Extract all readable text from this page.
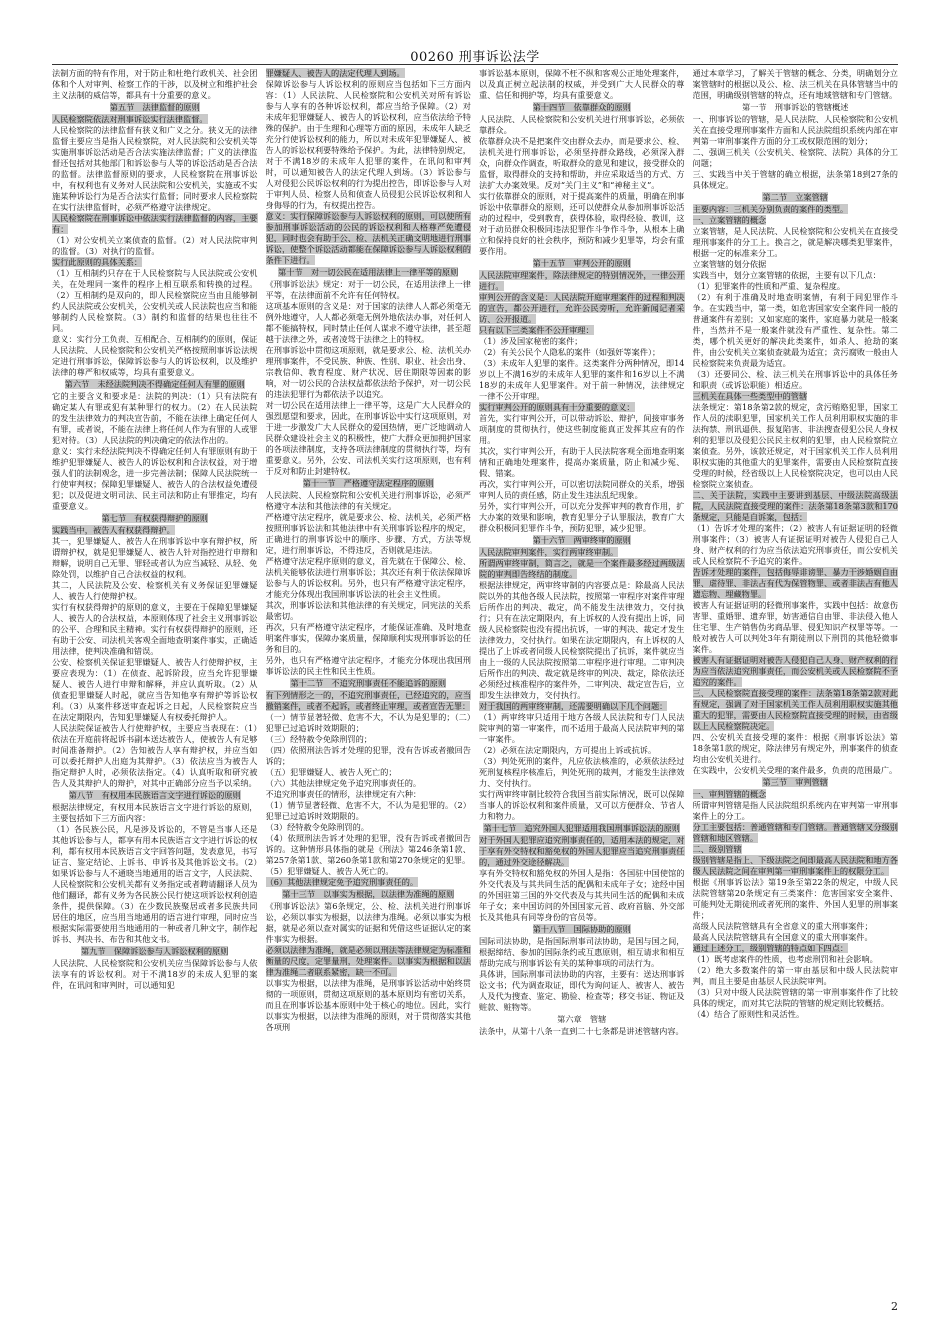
00260 刑事诉讼法学

法制方面的特有作用，对于防止和杜绝行政机关、社会团体和个人对审判、检察工作的干涉，以及树立和维护社会主义法制的威信等，都具有十分重要的意义。

第五节　法律监督的原则

人民检察院依法对刑事诉讼实行法律监督。

人民检察院的法律监督有狭义和广义之分。狭义无的法律监督主要应当是指人民检察院，对人民法院和公安机关等实施刑事诉讼活动是否合法实施法律监督；广义的法律监督还包括对其他部门和诉讼参与人等的诉讼活动是否合法的监督。法律监督原则的要求，人民检察院在刑事诉讼中，有权利也有义务对人民法院和公安机关，实施或不实施某种诉讼行为是否合法实行监督；同时要求人民检察院在实行法律监督时，必须严格遵守法律规定。

人民检察院在刑事诉讼中依法实行法律监督的内容，主要有：

（1）对公安机关立案侦查的监督。（2）对人民法院审判的监督。（3）对执行的监督。

实行此原则的具体关系：

（1）互相制约只存在于人民检察院与人民法院或公安机关，在处理同一案件的程序上相互联系和转换的过程。（2）互相制约是双向的，即人民检察院应当由且能够制约人民法院或公安机关，公安机关或人民法院也应当和能够制约人民检察院。（3）制约和监督的结果也往往不同。

意义：实行分工负责、互相配合、互相制约的原则，保证人民法院、人民检察院和公安机关严格按照刑事诉讼法规定进行刑事诉讼，保障诉讼参与人的诉讼权利，以及维护法律的尊严和权威等，均具有重要意义。

第六节　未经法院判决不得确定任何人有罪的原则

它的主要含义和要求是：法院的判决：（1）只有法院有确定某人有罪或犯有某种罪行的权力。（2）在人民法院的发生法律效力的判决宣告前，不能在法律上确定任何人有罪，或者说，不能在法律上将任何人作为有罪的人或罪犯对待。（3）人民法院的判决确定的依法作出的。

意义：实行未经法院判决不得确定任何人有罪原则有助于维护犯罪嫌疑人、被告人的诉讼权利和合法权益，对于增强人们的法制观念，进一步完善法制；保障人民法院统一行使审判权；保障犯罪嫌疑人、被告人的合法权益免遭侵犯；以及促进文明司法、民主司法和防止有罪推定，均有重要意义。

第七节　有权获得辩护的原则

实践当中，被告人有权获得辩护。

其一，犯罪嫌疑人、被告人在刑事诉讼中享有辩护权，所谓辩护权，就是犯罪嫌疑人、被告人针对指控进行申辩和辩解，说明自己无罪、罪轻或者认为应当减轻、从轻、免除处罚，以维护自己合法权益的权利。

其二，人民法院及公安、检察机关有义务保证犯罪嫌疑人、被告人行使辩护权。

实行有权获得辩护的原则的意义，主要在于保障犯罪嫌疑人、被告人的合法权益，本原则体现了社会主义刑事诉讼的公平、合理和民主精神。实行有权获得辩护的原则，还有助于公安、司法机关客观全面地查明案件事实，正确适用法律，使判决准确和错误。

公安、检察机关保证犯罪嫌疑人、被告人行使辩护权，主要应表现为：（1）在侦查、起诉阶段，应当允许犯罪嫌疑人、被告人进行申辩和解释，并应认真听取。（2）从侦查犯罪嫌疑人时起，就应当告知他享有辩护等诉讼权利。（3）从案件移送审查起诉之日起，人民检察院应当在法定期限内，告知犯罪嫌疑人有权委托辩护人。

人民法院保证被告人行使辩护权，主要应当表现在：（1）依法在开庭前将起诉书副本送达被告人，使被告人有足够时间准备辩护。（2）告知被告人享有辩护权，并应当如可以委托辩护人出庭为其辩护。（3）依法应当为被告人指定辩护人时，必须依法指定。（4）认真听取和研究被告人及其辩护人的辩护，对其中正确部分应当予以采纳。

第八节　有权用本民族语言文字进行诉讼的原则

根据法律规定，有权用本民族语言文字进行诉讼的原则，主要包括如下三方面内容：

（1）各民族公民，凡是涉及诉讼的，不管是当事人还是其他诉讼参与人，都享有用本民族语言文字进行诉讼的权利，都有权用本民族语言文字回答问题，发表意见，书写证言、鉴定结论、上诉书、申诉书及其他诉讼文书。（2）如果诉讼参与人不通晓当地通用的语言文字，人民法院、人民检察院和公安机关都有义务指定或者聘请翻译人员为他们翻译，都有义务为各民族公民行使这项诉讼权利创造条件，提供保障。（3）在少数民族聚居或者多民族共同居住的地区，应当用当地通用的语言进行审理，同时应当根据实际需要使用当地通用的一种或者几种文字，制作起诉书、判决书、布告和其他文书。

第九节　保障诉讼参与人诉讼权利的原则

人民法院、人民检察院和公安机关应当保障诉讼参与人依法享有的诉讼权利。对于不满18岁的未成人犯罪的案件，在讯问和审判时，可以通知犯

罪嫌疑人、被告人的法定代理人到场。

保障诉讼参与人诉讼权利的原则应当包括如下三方面内容：（1）人民法院、人民检察院和公安机关对所有诉讼参与人享有的各种诉讼权利，都应当给予保障。（2）对未成年犯罪嫌疑人、被告人的诉讼权利，应当依法给予特殊的保护。由于生理和心理等方面的原因，未成年人缺乏充分行使诉讼权利的能力，所以对未成年犯罪嫌疑人、被告人的诉讼权利要特殊给予保护。为此，法律特别规定，对于不满18岁的未成年人犯罪的案件，在讯问和审判时，可以通知被告人的法定代理人到场。（3）诉讼参与人对侵犯公民诉讼权利的行为提出控告，即诉讼参与人对于审判人员、检察人员和侦查人员侵犯公民诉讼权利和人身侮辱的行为，有权提出控告。

意义：实行保障诉讼参与人诉讼权利的原则，可以使所有参加刑事诉讼活动的公民的诉讼权利和人格尊严免遭侵犯，同时也会有助于公、检、法机关正确文明地进行刑事诉讼，使整个诉讼活动都能在保障诉讼参与人诉讼权利的条件下进行。

第十节　对一切公民在适用法律上一律平等的原则

《刑事诉讼法》规定：对于一切公民，在适用法律上一律平等，在法律面前不允许有任何特权。

这项基本原则的含义是：对于国家的法律人人都必须毫无例外地遵守，人人都必须毫无例外地依法办事，对任何人都不能搞特权，同时禁止任何人谋求不遵守法律，甚至超越于法律之外，或者凌驾于法律之上的特权。

在刑事诉讼中贯彻这项原则，就是要求公、检、法机关办理刑事案件，不受民族、种族、性别、职业、社会出身、宗教信仰、教育程度、财产状况、居住期限等因素的影响，对一切公民的合法权益都依法给予保护，对一切公民的违法犯罪行为都依法予以追究。

对一切公民在适用法律上一律平等，这是广大人民群众的强烈愿望和要求，因此，在刑事诉讼中实行这项原则，对于进一步激发广大人民群众的爱国热情，更广泛地调动人民群众建设社会主义的积极性，使广大群众更加拥护国家的各项法律制度，支持各项法律制度的贯彻执行等，均有重要意义。另外，公安、司法机关实行这项原则，也有利于反对和防止封建特权。

第十一节　严格遵守法定程序的原则

人民法院、人民检察院和公安机关进行刑事诉讼，必须严格遵守本法和其他法律的有关规定。

严格遵守法定程序，就是要求公、检、法机关，必须严格按照刑事诉讼法和其他法律中有关刑事诉讼程序的规定，正确进行的刑事诉讼中的顺序、步骤、方式，方法等规定，进行刑事诉讼，不得违反，否则就是违法。

严格遵守法定程序原则的意义，首先就在于保障公、检、法机关能够依法进行刑事诉讼；其次还有利于依法保障诉讼参与人的诉讼权利。另外，也只有严格遵守法定程序，才能充分体现出我国刑事诉讼法的社会主义性质。

其次，刑事诉讼法和其他法律的有关规定，同宪法的关系最密切。

再次，只有严格遵守法定程序，才能保证准确、及时地查明案件事实，保障办案质量，保障顺利实现刑事诉讼的任务和目的。

另外，也只有严格遵守法定程序，才能充分体现出我国刑事诉讼法的民主性和民主性质。

第十二节　不追究刑事责任不能追诉的原则

有下列情形之一的，不追究刑事责任，已经追究的，应当撤销案件，或者不起诉，或者终止审理，或者宣告无罪：

（一）情节显著轻微、危害不大，不认为是犯罪的；（二）犯罪已过追诉时效期限的；

（三）经特赦令免除刑罚的；

（四）依照刑法告诉才处理的犯罪，没有告诉或者撤回告诉的；

（五）犯罪嫌疑人、被告人死亡的；

（六）其他法律规定免予追究刑事责任的。

不追究刑事责任的情形，法律规定有六种：

（1）情节显著轻微、危害不大，不认为是犯罪的。（2）犯罪已过追诉时效期限的。

（3）经特赦令免除刑罚的。

（4）依照刑法告诉才处理的犯罪，没有告诉或者撤回告诉的。这种情形具体指的就是《刑法》第246条第1款、第257条第1款、第260条第1款和第270条规定的犯罪。

（5）犯罪嫌疑人、被告人死亡的。

（6）其他法律规定免予追究刑事责任的。

第十三节　以事实为根据，以法律为准绳的原则

《刑事诉讼法》第6条规定，公、检、法机关进行刑事诉讼，必须以事实为根据，以法律为准绳。必须以事实为根据，就是必须以查对属实的证据和凭借这些证据认定的案件事实为根据。

必须以法律为准绳，就是必须以刑法等法律规定为标准和衡量的尺度，定罪量刑，处理案件。以事实为根据和以法律为准绳二者联系紧密，缺一不可。

以事实为根据，以法律为准绳，是刑事诉讼活动中始终贯彻的一项原则，贯彻这项原则的基本原则均有密切关系，而且在刑事诉讼基本原则中处于核心的地位。因此，实行以事实为根据，以法律为准绳的原则，对于贯彻落实其他各项刑

事诉讼基本原则，保障不枉不纵和客观公正地处理案件，以及真正树立起法制的权威，并受到广大人民群众的尊重、信任和拥护等，均具有重要意义。

第十四节　依靠群众的原则

人民法院、人民检察院和公安机关进行刑事诉讼，必须依靠群众。

依靠群众决不是把案件交由群众去办，而是要求公、检、法机关进行刑事诉讼，必须坚持群众路线，必须深入群众，向群众作调查，听取群众的意见和建议，接受群众的监督，取得群众的支持和帮助，并应采取适当的方式、方法扩大办案效果。反对“关门主义”和“神秘主义”。

实行依靠群众的原则，对于提高案件的质量，明确在刑事诉讼中依靠群众的原则，还可以使群众从参加刑事诉讼活动的过程中，受到教育，获得体验，取得经验、教训，这对于动员群众积极同违法犯罪作斗争作斗争，从根本上确立和保持良好的社会秩序，预防和减少犯罪等，均会有重要作用。

第十五节　审判公开的原则

人民法院审理案件，除法律规定的特别情况外，一律公开进行。

审判公开的含义是：人民法院开庭审理案件的过程和判决的宣告，都公开进行，允许公民旁听，允许新闻记者采访、公开报道。

只有以下三类案件不公开审理：

（1）涉及国家秘密的案件；

（2）有关公民个人隐私的案件（如强奸等案件）；

（3）未成年人犯罪的案件。这类案件分两种情况，即14岁以上不满16岁的未成年人犯罪的案件和16岁以上不满18岁的未成年人犯罪案件。对于前一种情况，法律规定一律不公开审理。

实行审判公开的原则具有十分重要的意义：

首先，实行审判公开，可以带动诉讼、辩护，间接审事务项制度的贯彻执行，使这些制度能真正发挥其应有的作用。

其次，实行审判公开，有助于人民法院客观全面地查明案情和正确地处理案件，提高办案质量，防止和减少冤、假、错案。

再次，实行审判公开，可以密切法院同群众的关系，增强审判人员的责任感，防止发生违法乱纪现象。

另外，实行审判公开，可以充分发挥审判的教育作用，扩大办案的效果和影响，教育犯罪分子认罪服法，教育广大群众积极同犯罪作斗争，预防犯罪，减少犯罪。

第十六节　两审终审的原则

人民法院审判案件，实行两审终审制。

所谓两审终审制，简言之，就是一个案件最多经过两级法院的审判即告终结的制度。

根据法律规定，两审终审制的内容要点是：除最高人民法院以外的其他各级人民法院，按照第一审程序对案件审理后所作出的判决、裁定，尚不能发生法律效力，交付执行；只有在法定期限内，有上诉权的人没有提出上诉，同级人民检察院也没有提出抗诉，一审的判决、裁定才发生法律效力，交付执行。如果在法定期限内，有上诉权的人提出了上诉或者同级人民检察院提出了抗诉，案件就应当由上一级的人民法院按照第二审程序进行审理。二审判决后所作出的判决、裁定就是终审的判决、裁定，除依法还必须经过核准程序的案件外，二审判决、裁定宣告后，立即发生法律效力，交付执行。

对于我国的两审终审制，还需要明确以下几个问题：

（1）两审终审只适用于地方各级人民法院和专门人民法院审判的第一审案件，而不适用于最高人民法院审判的第一审案件。

（2）必须在法定期限内，方可提出上诉或抗诉。

（3）判处死刑的案件，凡应依法核准的，必须依法经过死刑复核程序核准后，判处死刑的裁判，才能发生法律效力、交付执行。

实行两审终审制比较符合我国当前实际情况，既可以保障当事人的诉讼权利和案件质量，又可以方便群众、节省人力和物力。

第十七节　追究外国人犯罪适用我国刑事诉讼法的原则

对于外国人犯罪应追究刑事责任的，适用本法的规定，对于享有外交特权和豁免权的外国人犯罪应当追究刑事责任的，通过外交途径解决。

享有外交特权和豁免权的外国人是指：各国驻中国使馆的外交代表及与其共同生活的配偶和未成年子女；途经中国的外国驻第三国的外交代表及与其共同生活的配偶和未成年子女；来中国访问的外国国家元首、政府首脑、外交部长及其他具有同等身份的官员等。

第十八节　国际协助的原则

国际司法协助，是指国际刑事司法协助，是国与国之间，根据缔结、参加的国际条约或互惠原则，相互请求和相互帮助完成与刑事诉讼有关的某种事项的司法行为。

具体讲，国际刑事司法协助的内容，主要有：送达刑事诉讼文书；代为调查取证，即代为询问证人、被害人、被告人及代为搜查、鉴定、勘验、检查等；移交书证、物证及赃款、赃物等。

第六章　管辖

法条中，从第十八条一直到二十七条都是讲述管辖内容。

通过本章学习，了解关于管辖的概念、分类，明确划分立案管辖时的根据以及公、检、法三机关在具体管辖当中的范围，明确级别管辖的特点，还有地域管辖和专门管辖。

第一节　刑事诉讼的管辖概述

一、刑事诉讼的管辖，是人民法院、人民检察院和公安机关在直接受理刑事案件方面和人民法院组织系统内部在审判第一审刑事案件方面的分工或权限范围的划分；

二、强调三机关（公安机关、检察院、法院）具体的分工问题；

三、实践当中关于管辖的确立根据，法条第18到27条的具体规定。

第二节　立案管辖

主要内容：三机关分别负责的案件的类型。

一、立案管辖的概念

立案管辖，是人民法院、人民检察院和公安机关在直接受理刑事案件的分工上。换言之，就是解决哪类犯罪案件，根据一定的标准来分工。

立案管辖的划分依据

实践当中，划分立案管辖的依据，主要有以下几点：

（1）犯罪案件的性质和严重、复杂程度。

（2）有利于准确及时地查明案情，有利于同犯罪作斗争。在实践当中，第一类，如危害国家安全案件同一般的普通案件有差别；又如家庭的案件，家庭暴力就是一般案件，当然并不是一般案件就没有严重性、复杂性。第二类，哪个机关更好的解决此类案件，如杀人、抢劫的案件，由公安机关立案侦查就最为适宜；贪污腐败一般由人民检察院来负责最为适宜。

（3）还要同公、检、法三机关在刑事诉讼中的具体任务和职责（或诉讼职能）相适应。

三机关在具体一些类型中的管辖

法条规定：第18条第2款的规定，贪污贿赂犯罪，国家工作人员的渎职犯罪，国家机关工作人员利用职权实施的非法拘禁、刑讯逼供、报复陷害、非法搜查侵犯公民人身权利的犯罪以及侵犯公民民主权利的犯罪，由人民检察院立案侦查。另外，该款还规定，对于国家机关工作人员利用职权实施的其他重大的犯罪案件，需要由人民检察院直接受理的时候，经省级以上人民检察院决定，也可以由人民检察院立案侦查。

二、关于法院，实践中主要讲到基层、中级法院高级法院，人民法院直接受理的案件：法条第18条第3款和170条规定，只能是自诉案，包括：

（1）告诉才处理的案件；（2）被害人有证据证明的轻微刑事案件；（3）被害人有证据证明对被告人侵犯自己人身、财产权利的行为应当依法追究刑事责任，而公安机关或人民检察院不予追究的案件。

告诉才处理的案件，包括侮辱诽谤罪、暴力干涉婚姻自由罪、虐待罪、非法占有代为保管物罪、或者非法占有他人遗忘物、埋藏物罪。

被害人有证据证明的轻微刑事案件，实践中包括：故意伤害罪、重婚罪、遗弃罪，妨害通信自由罪、非法侵入他人住宅罪、生产销售伪劣商品罪、侵犯知识产权罪等等。一般对被告人可以判处3年有期徒刑以下刑罚的其他轻微事案件。

被害人有证据证明对被告人侵犯自己人身、财产权利的行为应当依法追究刑事责任，而公安机关或人民检察院不予追究的案件。

三、人民检察院直接受理的案件：法条第18条第2款对此有规定，强调了对于国家机关工作人员利用职权实施其他重大的犯罪，需要由人民检察院直接受理的时候，由省级以上人民检察院决定。

四、公安机关直接受理的案件：根据《刑事诉讼法》第18条第1款的规定，除法律另有规定外，刑事案件的侦查均由公安机关进行。

在实践中，公安机关受理的案件最多，负责的范围最广。

第三节　审判管辖

一、审判管辖的概念

所谓审判管辖是指人民法院组织系统内在审判第一审刑事案件上的分工。

分工主要包括：普通管辖和专门管辖。普通管辖又分级别管辖和地区管辖。

二、级别管辖

级别管辖是指上、下级法院之间即最高人民法院和地方各级人民法院之间在审判第一审刑事案件上的权限分工。

根据《刑事诉讼法》第19条至第22条的规定，中级人民法院管辖第20条规定有三类案件：危害国家安全案件、可能判处无期徒刑或者死刑的案件、外国人犯罪的刑事案件；

高级人民法院管辖具有全省意义的重大刑事案件；

最高人民法院管辖具有全国意义的重大刑事案件。

通过上述分工，级别管辖的特点如下四点：

（1）既考虑案件的性质，也考虑刑罚和社会影响。

（2）绝大多数案件的第一审由基层和中级人民法院审判，而且主要是由基层人民法院审判。

（3）只对中级人民法院管辖的第一审刑事案件作了比较具体的规定，而对其它法院的管辖的规定则比较概括。

（4）结合了原则性和灵活性。

2
